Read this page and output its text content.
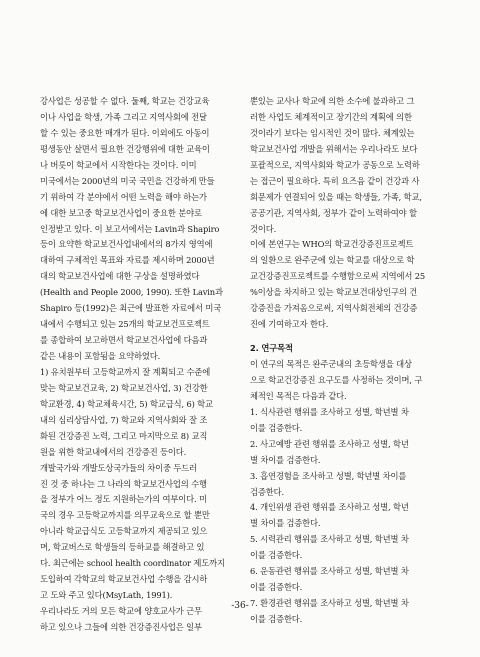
강사업은 성공할 수 없다. 둘째, 학교는 건강교육
이나 사업을 학생, 가족 그리고 지역사회에 전달
할 수 있는 중요한 매개가 된다. 이외에도 아동이
평생동안 살면서 필요한 건강행위에 대한 교육이
나 버릇이 학교에서 시작한다는 것이다. 이미
미국에서는 2000년의 미국 국민을 건강하게 만들
기 위하여 각 분야에서 어떤 노력을 해야 하는가
에 대한 보고중 학교보건사업이 중요한 분야로
인정받고 있다. 이 보고서에서는 Lavin과 Shapiro
등이 요약한 학교보건사업내에서의 8가지 영역에
대하여 구체적인 목표와 자료를 제시하며 2000년
대의 학교보건사업에 대한 구상을 설명하였다
(Health and People 2000, 1990). 또한 Lavin과
Shapiro 등(1992)은 최근에 발표한 자료에서 미국
내에서 수행되고 있는 25개의 학교보건프로젝트
를 종합하여 보고하면서 학교보건사업에 다음과
같은 내용이 포함됨을 요약하였다.
1) 유치원부터 고등학교까지 잘 계획되고 수준에
맞는 학교보건교육, 2) 학교보건사업, 3) 건강한
학교환경, 4) 학교체육시간, 5) 학교급식, 6) 학교
내의 심리상담사업, 7) 학교와 지역사회와 잘 조
화된 건강증진 노력, 그리고 마지막으로 8) 교직
원을 위한 학교내에서의 건강증진 등이다.
개발국가와 개발도상국가들의 차이중 두드러
진 것 중 하나는 그 나라의 학교보건사업의 수행
을 정부가 어느 정도 지원하는가의 여부이다. 미
국의 경우 고등학교까지를 의무교육으로 할 뿐만
아니라 학교급식도 고등학교까지 제공되고 있으
며, 학교버스로 학생들의 등하교를 해결하고 있
다. 최근에는 school health coordinator 제도까지
도입하여 각학교의 학교보건사업 수행을 감시하
고 도와 주고 있다(MsyLath, 1991).
우리나라도 거의 모든 학교에 양호교사가 근무
하고 있으나 그들에 의한 건강증진사업은 일부
뿐있는 교사나 학교에 의한 소수에 불과하고 그
러한 사업도 체계적이고 장기간의 계획에 의한
것이라기 보다는 임시적인 것이 많다. 체계있는
학교보건사업 개발을 위해서는 우리나라도 보다
포괄적으로, 지역사회와 학교가 공동으로 노력하
는 접근이 필요하다. 특히 요즈음 같이 건강과 사
회문제가 연결되어 있을 때는 학생들, 가족, 학교,
공공기관, 지역사회, 정부가 같이 노력하여야 할
것이다.
이에 본연구는 WHO의 학교건강증진프로젝트
의 일환으로 완주군에 있는 학교를 대상으로 학
교건강증진프로젝트를 수행함으로써 지역에서 25
%이상을 차지하고 있는 학교보건대상인구의 건
강증진을 가져옴으로써, 지역사회전체의 건강증
진에 기여하고자 한다.
2. 연구목적
이 연구의 목적은 완주군내의 초등학생을 대상
으로 학교건강증진 요구도를 사정하는 것이며, 구
체적인 목적은 다음과 같다.
1. 식사관련 행위를 조사하고 성별, 학년별 차
이를 검증한다.
2. 사고예방 관련 행위를 조사하고 성별, 학년
별 차이를 검증한다.
3. 흡연경험을 조사하고 성별, 학년별 차이를
검증한다.
4. 개인위생 관련 행위를 조사하고 성별, 학년
별 차이를 검증한다.
5. 시력관리 행위를 조사하고 성별, 학년별 차
이를 검증한다.
6. 운동관련 행위를 조사하고 성별, 학년별 차
이를 검증한다.
7. 환경관련 행위를 조사하고 성별, 학년별 차
이를 검증한다.
-36-
